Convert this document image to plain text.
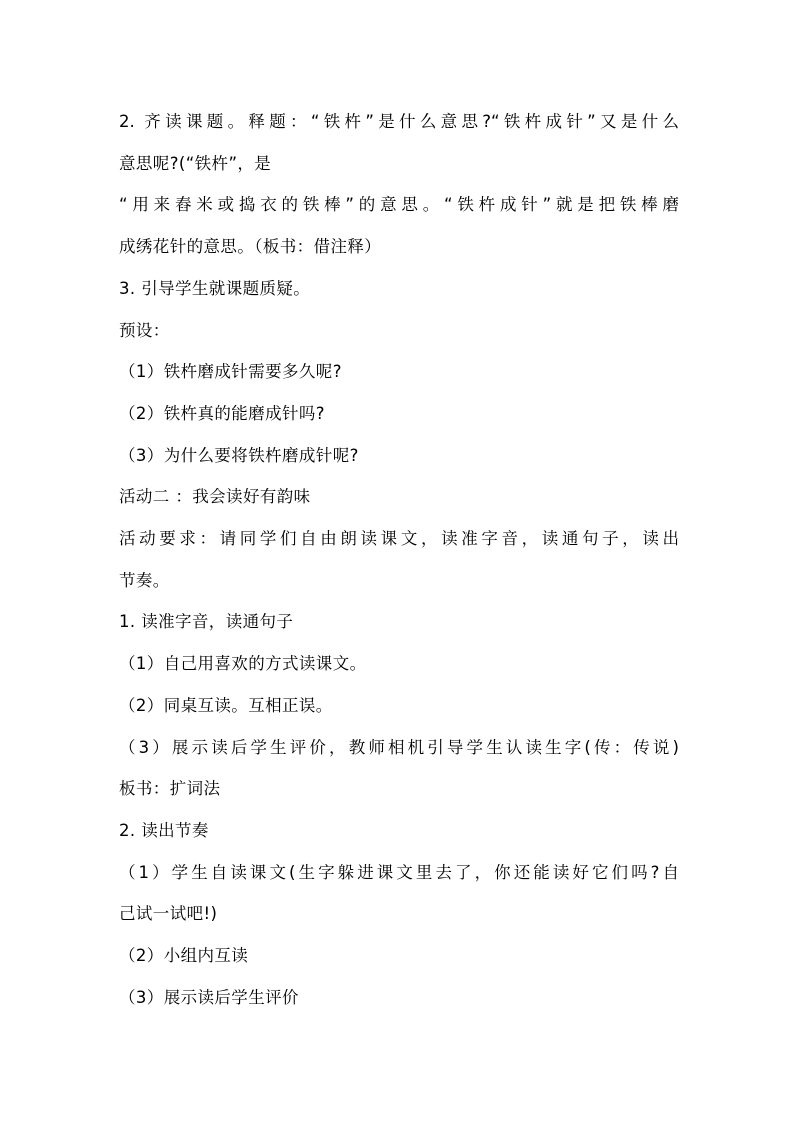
2. 齐读课题。释题：“铁杵”是什么意思?“铁杵成针”又是什么
意思呢?(“铁杵”，是
“用来舂米或捣衣的铁棒”的意思。“铁杵成针”就是把铁棒磨
成绣花针的意思。（板书：借注释）
3. 引导学生就课题质疑。
预设：
（1）铁杵磨成针需要多久呢?
（2）铁杵真的能磨成针吗?
（3）为什么要将铁杵磨成针呢?
活动二 ：我会读好有韵味
活动要求：请同学们自由朗读课文，读准字音，读通句子，读出
节奏。
1. 读准字音，读通句子
（1）自己用喜欢的方式读课文。
（2）同桌互读。互相正误。
（3）展示读后学生评价，教师相机引导学生认读生字(传：传说)
板书：扩词法
2. 读出节奏
（1）学生自读课文(生字躲进课文里去了，你还能读好它们吗?自
己试一试吧!)
（2）小组内互读
（3）展示读后学生评价
